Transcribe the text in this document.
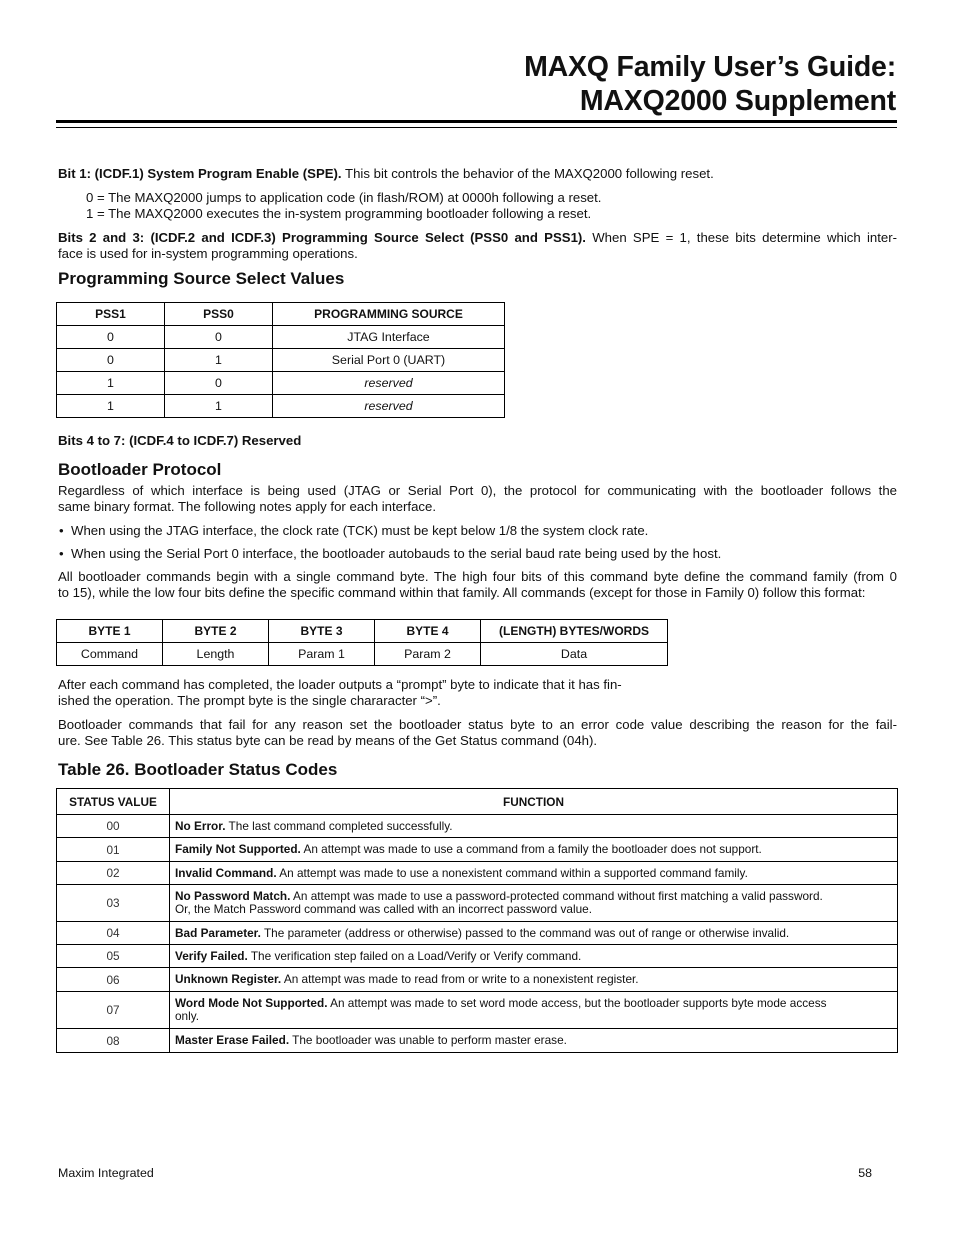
MAXQ Family User’s Guide:
MAXQ2000 Supplement

Bit 1: (ICDF.1) System Program Enable (SPE). This bit controls the behavior of the MAXQ2000 following reset.

0 = The MAXQ2000 jumps to application code (in flash/ROM) at 0000h following a reset.

1 = The MAXQ2000 executes the in-system programming bootloader following a reset.

Bits 2 and 3: (ICDF.2 and ICDF.3) Programming Source Select (PSS0 and PSS1). When SPE = 1, these bits determine which inter-

face is used for in-system programming operations.

Programming Source Select Values
PSS1	PSS0	PROGRAMMING SOURCE
0	0	JTAG Interface
0	1	Serial Port 0 (UART)
1	0	reserved
1	1	reserved

Bits 4 to 7: (ICDF.4 to ICDF.7) Reserved

Bootloader Protocol

Regardless of which interface is being used (JTAG or Serial Port 0), the protocol for communicating with the bootloader follows the

same binary format. The following notes apply for each interface.

• When using the JTAG interface, the clock rate (TCK) must be kept below 1/8 the system clock rate.

• When using the Serial Port 0 interface, the bootloader autobauds to the serial baud rate being used by the host.

All bootloader commands begin with a single command byte. The high four bits of this command byte define the command family (from 0

to 15), while the low four bits define the specific command within that family. All commands (except for those in Family 0) follow this format:

BYTE 1	BYTE 2	BYTE 3	BYTE 4	(LENGTH) BYTES/WORDS
Command	Length	Param 1	Param 2	Data

After each command has completed, the loader outputs a “prompt” byte to indicate that it has fin-

ished the operation. The prompt byte is the single chararacter “>”.

Bootloader commands that fail for any reason set the bootloader status byte to an error code value describing the reason for the fail-

ure. See Table 26. This status byte can be read by means of the Get Status command (04h).

Table 26. Bootloader Status Codes
STATUS VALUE	FUNCTION
00	No Error. The last command completed successfully.
01	Family Not Supported. An attempt was made to use a command from a family the bootloader does not support.
02	Invalid Command. An attempt was made to use a nonexistent command within a supported command family.
03	No Password Match. An attempt was made to use a password-protected command without first matching a valid password.
Or, the Match Password command was called with an incorrect password value.
04	Bad Parameter. The parameter (address or otherwise) passed to the command was out of range or otherwise invalid.
05	Verify Failed. The verification step failed on a Load/Verify or Verify command.
06	Unknown Register. An attempt was made to read from or write to a nonexistent register.
07	Word Mode Not Supported. An attempt was made to set word mode access, but the bootloader supports byte mode access
only.
08	Master Erase Failed. The bootloader was unable to perform master erase.
Maxim Integrated	58
